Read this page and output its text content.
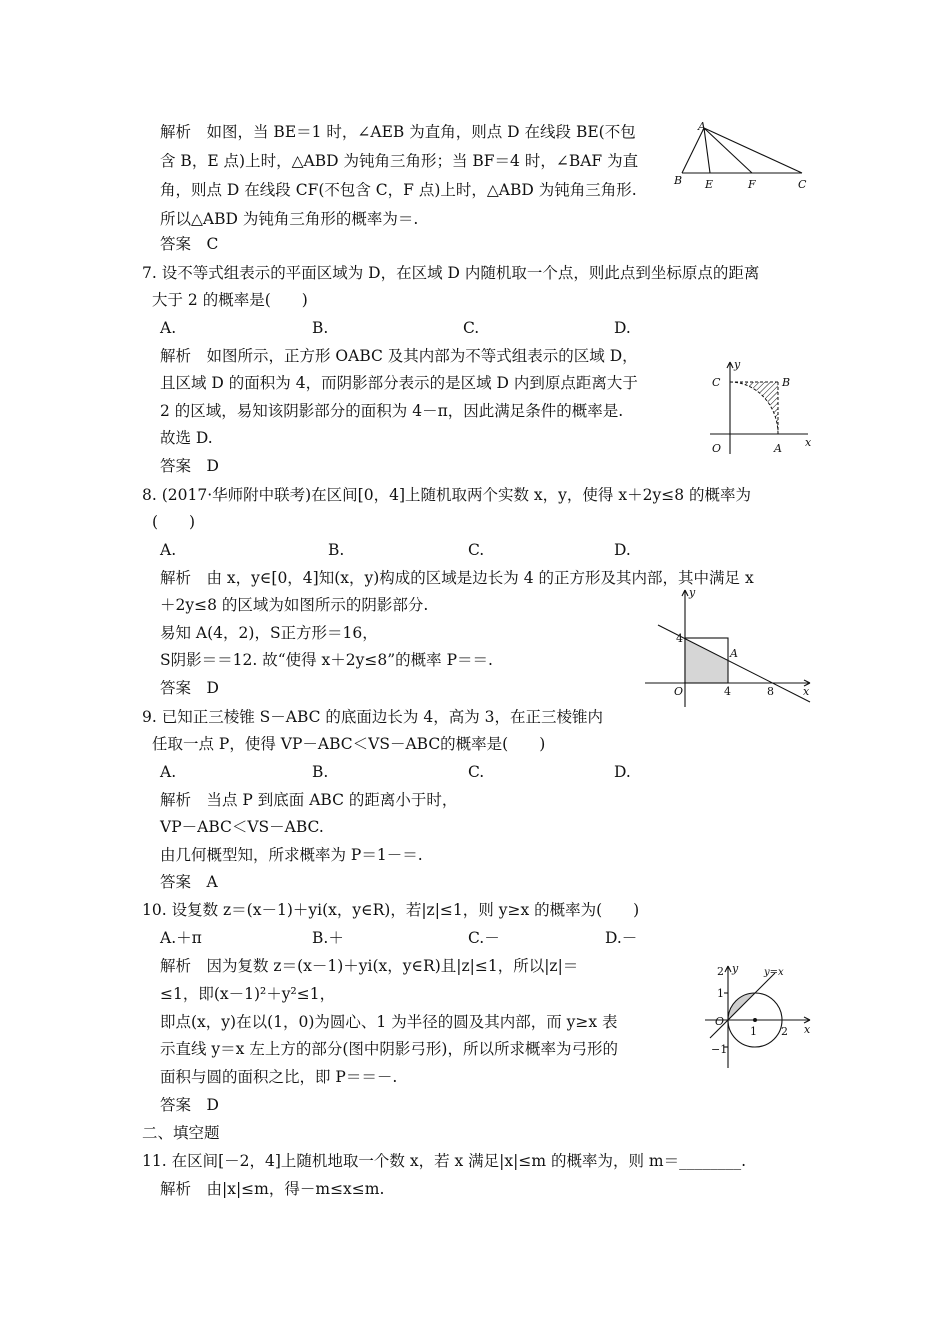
解析　如图，当 BE＝1 时，∠AEB 为直角，则点 D 在线段 BE(不包
含 B，E 点)上时，△ABD 为钝角三角形；当 BF＝4 时，∠BAF 为直
角，则点 D 在线段 CF(不包含 C，F 点)上时，△ABD 为钝角三角形.
所以△ABD 为钝角三角形的概率为＝.
答案　C
A
B E	F	C
7. 设不等式组表示的平面区域为 D，在区域 D 内随机取一个点，则此点到坐标原点的距离
大于 2 的概率是(　　)
A.	B.	C.	D.
解析　如图所示，正方形 OABC 及其内部为不等式组表示的区域 D，
且区域 D 的面积为 4，而阴影部分表示的是区域 D 内到原点距离大于
2 的区域，易知该阴影部分的面积为 4－π，因此满足条件的概率是.
故选 D.
答案　D
y
x
O	A
B
C
8. (2017·华师附中联考)在区间[0，4]上随机取两个实数 x，y，使得 x＋2y≤8 的概率为
(　　)
A.	B.	C.	D.
解析　由 x，y∈[0，4]知(x，y)构成的区域是边长为 4 的正方形及其内部，其中满足 x
＋2y≤8 的区域为如图所示的阴影部分.
易知 A(4，2)，S正方形＝16，
S阴影＝＝12. 故“使得 x＋2y≤8”的概率 P＝＝.
答案　D
y
x
O
4
4	8
A
9. 已知正三棱锥 S－ABC 的底面边长为 4，高为 3，在正三棱锥内
任取一点 P，使得 VP－ABC＜VS－ABC的概率是(　　)
A.	B.	C.	D.
解析　当点 P 到底面 ABC 的距离小于时，
VP－ABC＜VS－ABC.
由几何概型知，所求概率为 P＝1－＝.
答案　A
10. 设复数 z＝(x－1)＋yi(x，y∈R)，若|z|≤1，则 y≥x 的概率为(　　)
A.＋π	B.＋	C.－	D.－
解析　因为复数 z＝(x－1)＋yi(x，y∈R)且|z|≤1，所以|z|＝
≤1，即(x－1)²＋y²≤1，
即点(x，y)在以(1，0)为圆心、1 为半径的圆及其内部，而 y≥x 表
示直线 y＝x 左上方的部分(图中阴影弓形)，所以所求概率为弓形的
面积与圆的面积之比，即 P＝＝－.
答案　D
y
x
O
y=x
2
1
−1
1 2
二、填空题
11. 在区间[－2，4]上随机地取一个数 x，若 x 满足|x|≤m 的概率为，则 m＝________.
解析　由|x|≤m，得－m≤x≤m.
